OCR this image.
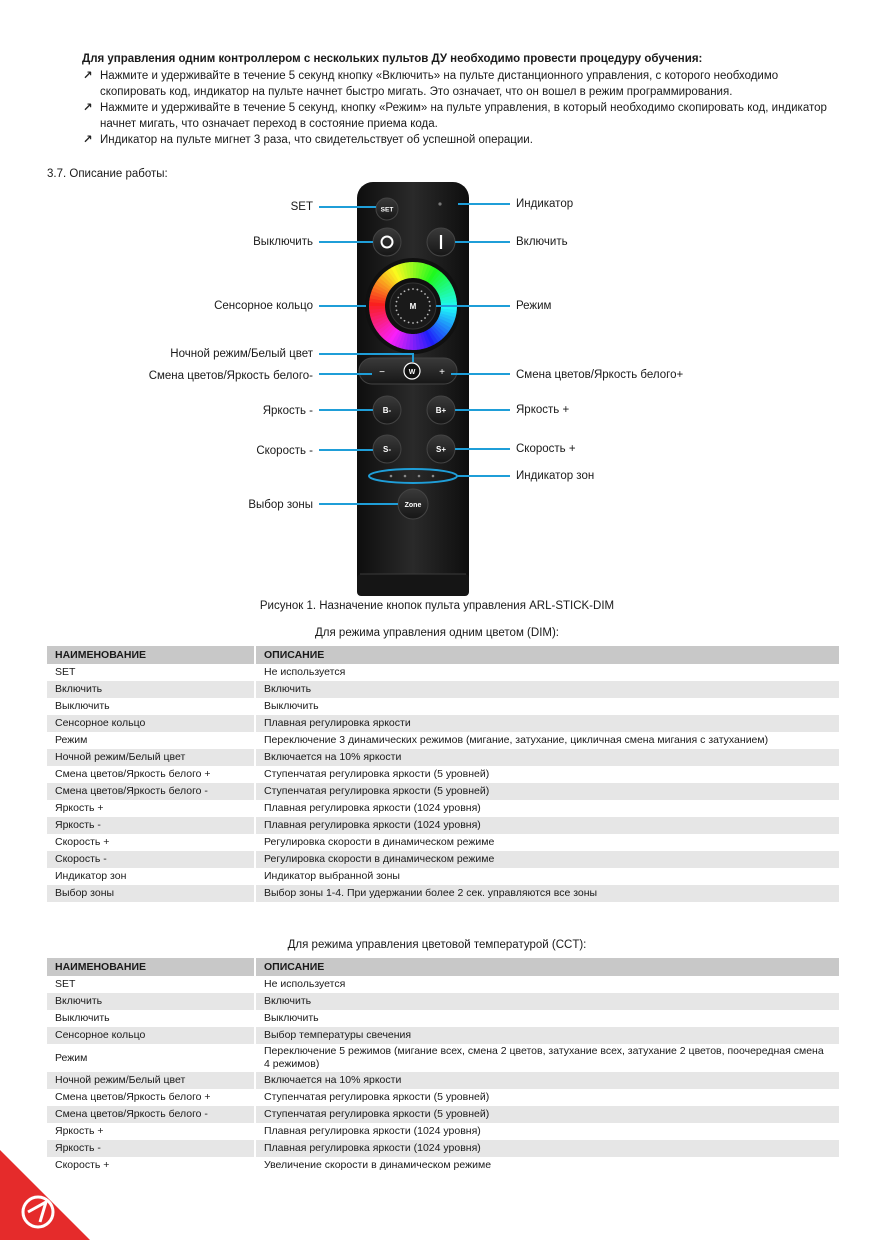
Для управления одним контроллером с нескольких пультов ДУ необходимо провести процедуру обучения:
↗ Нажмите и удерживайте в течение 5 секунд кнопку «Включить» на пульте дистанционного управления, с которого необходимо скопировать код, индикатор на пульте начнет быстро мигать. Это означает, что он вошел в режим программирования.
↗ Нажмите и удерживайте в течение 5 секунд, кнопку «Режим» на пульте управления, в который необходимо скопировать код, индикатор начнет мигать, что означает переход в состояние приема кода.
↗ Индикатор на пульте мигнет 3 раза, что свидетельствует об успешной операции.
3.7. Описание работы:
SET
M
−	+
W
B-	B+
S-	S+
Zone
SET
Выключить
Сенсорное кольцо
Ночной режим/Белый цвет
Смена цветов/Яркость белого-
Яркость -
Скорость -
Выбор зоны
Индикатор
Включить
Режим
Смена цветов/Яркость белого+
Яркость +
Скорость +
Индикатор зон
Рисунок 1. Назначение кнопок пульта управления ARL-STICK-DIM
Для режима управления одним цветом (DIM):
НАИМЕНОВАНИЕ	ОПИСАНИЕ
SET	Не используется
Включить	Включить
Выключить	Выключить
Сенсорное кольцо	Плавная регулировка яркости
Режим	Переключение 3 динамических режимов (мигание, затухание, цикличная смена мигания с затуханием)
Ночной режим/Белый цвет	Включается на 10% яркости
Смена цветов/Яркость белого +	Ступенчатая регулировка яркости (5 уровней)
Смена цветов/Яркость белого -	Ступенчатая регулировка яркости (5 уровней)
Яркость +	Плавная регулировка яркости (1024 уровня)
Яркость -	Плавная регулировка яркости (1024 уровня)
Скорость +	Регулировка скорости в динамическом режиме
Скорость -	Регулировка скорости в динамическом режиме
Индикатор зон	Индикатор выбранной зоны
Выбор зоны	Выбор зоны 1-4. При удержании более 2 сек. управляются все зоны
Для режима управления цветовой температурой (CCT):
НАИМЕНОВАНИЕ	ОПИСАНИЕ
SET	Не используется
Включить	Включить
Выключить	Выключить
Сенсорное кольцо	Выбор температуры свечения
Режим	Переключение 5 режимов (мигание всех, смена 2 цветов, затухание всех, затухание 2 цветов, поочередная смена 4 режимов)
Ночной режим/Белый цвет	Включается на 10% яркости
Смена цветов/Яркость белого +	Ступенчатая регулировка яркости (5 уровней)
Смена цветов/Яркость белого -	Ступенчатая регулировка яркости (5 уровней)
Яркость +	Плавная регулировка яркости (1024 уровня)
Яркость -	Плавная регулировка яркости (1024 уровня)
Скорость +	Увеличение скорости в динамическом режиме
